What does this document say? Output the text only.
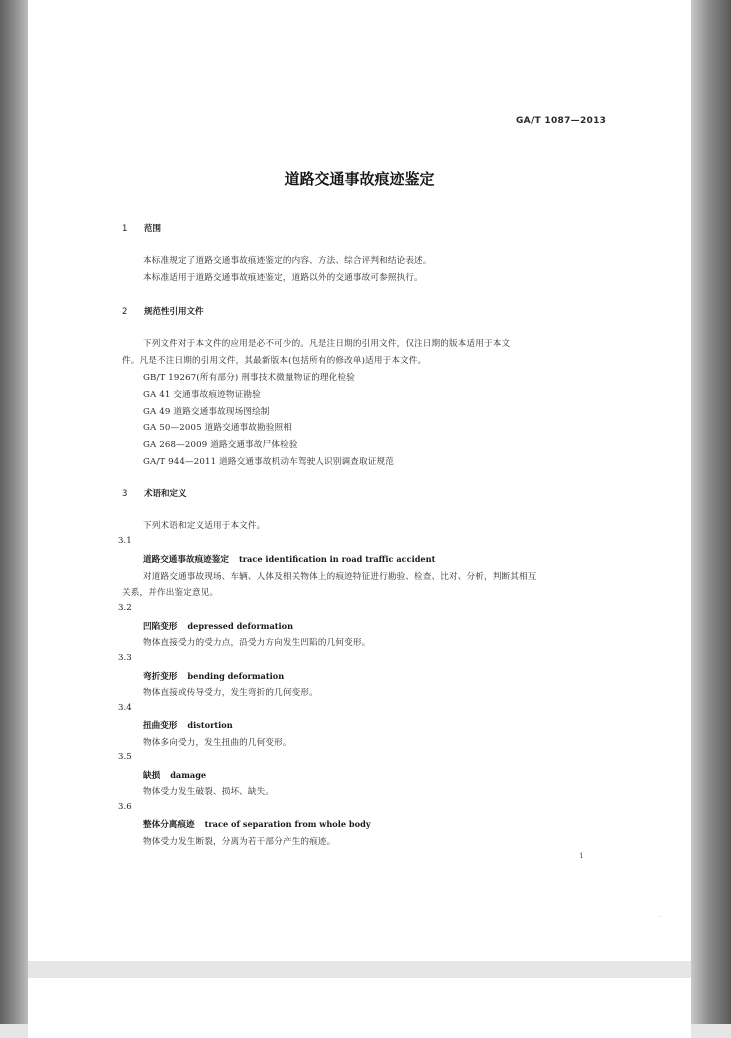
GA/T 1087—2013
道路交通事故痕迹鉴定
1 范围
本标准规定了道路交通事故痕迹鉴定的内容、方法、综合评判和结论表述。
本标准适用于道路交通事故痕迹鉴定，道路以外的交通事故可参照执行。
2 规范性引用文件
下列文件对于本文件的应用是必不可少的。凡是注日期的引用文件，仅注日期的版本适用于本文
件。凡是不注日期的引用文件，其最新版本(包括所有的修改单)适用于本文件。
GB/T 19267(所有部分) 刑事技术微量物证的理化检验
GA 41 交通事故痕迹物证勘验
GA 49 道路交通事故现场图绘制
GA 50—2005 道路交通事故勘验照相
GA 268—2009 道路交通事故尸体检验
GA/T 944—2011 道路交通事故机动车驾驶人识别调查取证规范
3 术语和定义
下列术语和定义适用于本文件。
3.1
道路交通事故痕迹鉴定 trace identification in road traffic accident
对道路交通事故现场、车辆、人体及相关物体上的痕迹特征进行勘验、检查、比对、分析，判断其相互
关系，并作出鉴定意见。
3.2
凹陷变形 depressed deformation
物体直接受力的受力点，沿受力方向发生凹陷的几何变形。
3.3
弯折变形 bending deformation
物体直接或传导受力，发生弯折的几何变形。
3.4
扭曲变形 distortion
物体多向受力，发生扭曲的几何变形。
3.5
缺损 damage
物体受力发生破裂、损坏、缺失。
3.6
整体分离痕迹 trace of separation from whole body
物体受力发生断裂，分离为若干部分产生的痕迹。
1
·
